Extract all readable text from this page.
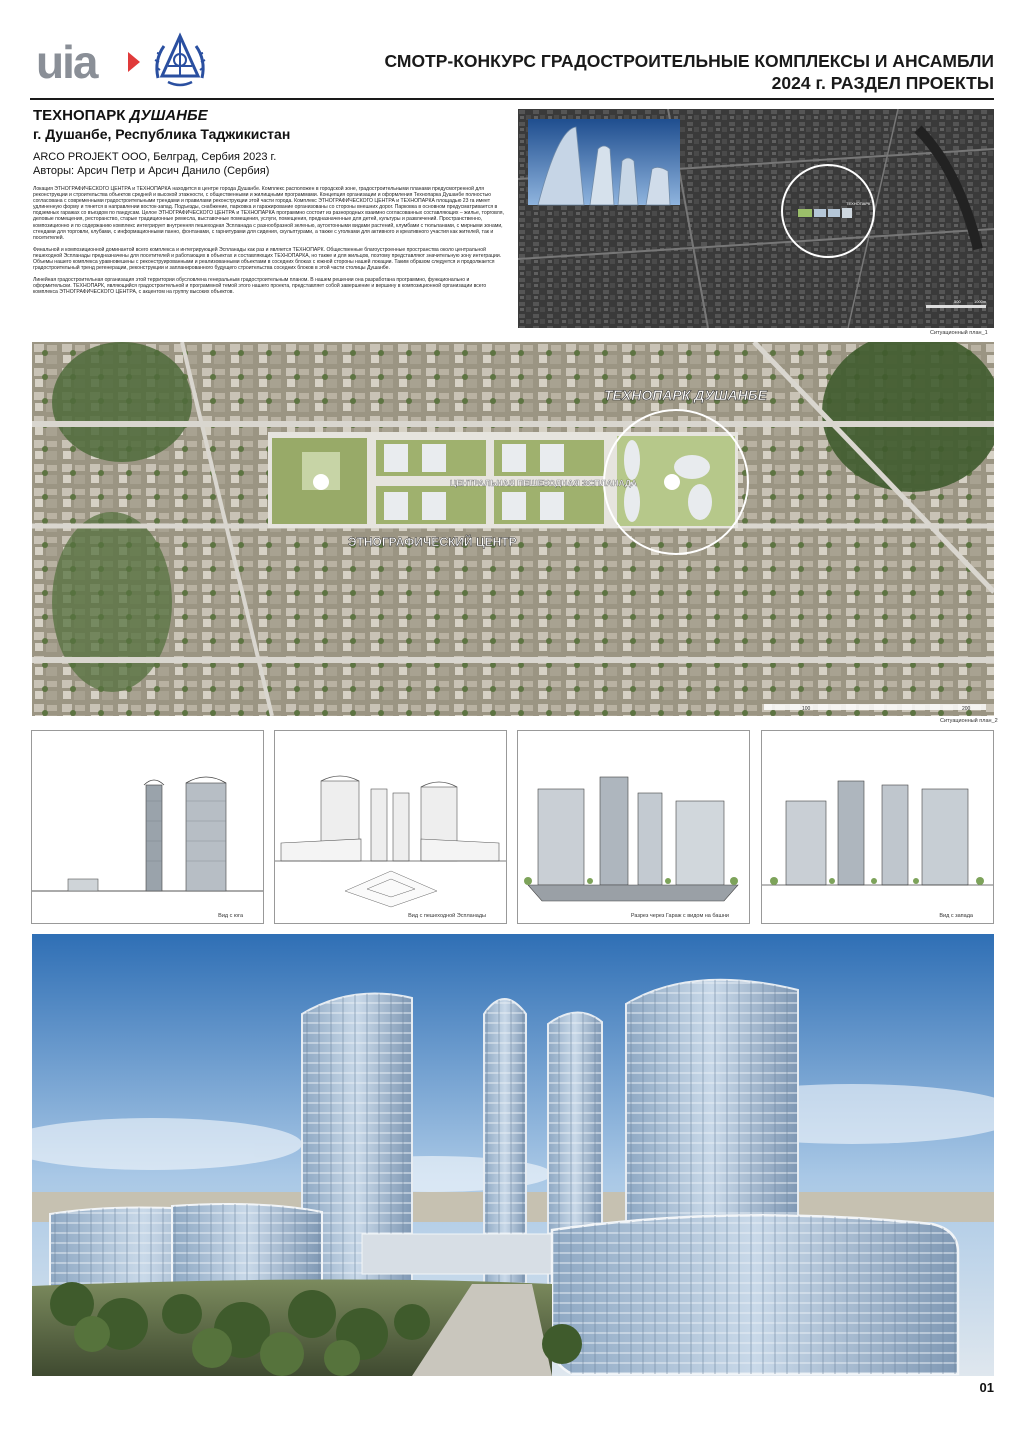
uia	СМОТР-КОНКУРС ГРАДОСТРОИТЕЛЬНЫЕ КОМПЛЕКСЫ И АНСАМБЛИ
2024 г. РАЗДЕЛ ПРОЕКТЫ
ТЕХНОПАРК ДУШАНБЕ
г. Душанбе, Республика Таджикистан
ARCO PROJEKT OOO, Белград, Сербия 2023 г.
Авторы: Арсич Петр и Арсич Данило (Сербия)

Локация ЭТНОГРАФИЧЕСКОГО ЦЕНТРА и ТЕХНОПАРКА находится в центре города Душанбе. Комплекс расположен в городской зоне, градостроительными планами предусмотренной для реконструкции и строительства объектов средней и высокой этажности, с общественными и жилищными программами. Концепция организации и оформления Технопарка Душанбе полностью согласована с современными градостроительными трендами и правилами реконструкции этой части города. Комплекс ЭТНОГРАФИЧЕСКОГО ЦЕНТРА и ТЕХНОПАРКА площадью 23 га имеет удлиненную форму и тянется в направлении восток-запад. Подъезды, снабжение, парковка и гаражирование организованы со стороны внешних дорог. Парковка в основном предусматривается в подземных гаражах со въездом по пандусам. Целое ЭТНОГРАФИЧЕСКОГО ЦЕНТРА и ТЕХНОПАРКА программно состоит из разнородных взаимно согласованных составляющих – жилье, торговля, деловые помещения, ресторанство, старые традиционные ремесла, выставочные помещения, услуги, помещения, предназначенные для детей, культуры и развлечений. Пространственно, композиционно и по содержанию комплекс интегрирует внутренняя пешеходная Эспланада с разнообразной зеленью, аутохтонными видами растений, клумбами с тюльпанами, с мирными зонами, стендами для торговли, клубами, с информационными панно, фонтанами, с гарнитурами для сидения, скульптурами, а также с уголками для активного и креативного участия как жителей, так и посетителей.

Финальной и композиционной доминантой всего комплекса и интегрирующей Эспланады как раз и является ТЕХНОПАРК. Общественные благоустроенные пространства около центральной пешеходной Эспланады предназначены для посетителей и работающих в объектах и составляющих ТЕХНОПАРКА, но также и для жильцов, поэтому представляют значительную зону интеграции. Объемы нашего комплекса уравновешены с реконструированными и реализованными объектами в соседних блоках с южной стороны нашей локации. Таким образом следуется и продолжается градостроительный тренд регенерации, реконструкции и запланированного будущего строительства соседних блоков в этой части столицы Душанбе.

Линейная градостроительная организация этой территории обусловлена генеральным градостроительным планом. В нашем решении она разработана программно, функционально и оформительски. ТЕХНОПАРК, являющийся градостроительной и программной темой этого нашего проекта, представляет собой завершение и вершину в композиционной организации всего комплекса ЭТНОГРАФИЧЕСКОГО ЦЕНТРА, с акцентом на группу высоких объектов.

ТЕХНОПАРК
500	1000m
Ситуационный план_1
ТЕХНОПАРК ДУШАНБЕ
ЦЕНТРАЛЬНАЯ ПЕШЕХОДНАЯ ЭСПЛАНАДА
ЭТНОГРАФИЧЕСКИЙ ЦЕНТР
100	200
Ситуационный план_2
Вид с юга	Вид с пешеходной Эспланады	Разрез через Гараж с видом на башни	Вид с запада
01
